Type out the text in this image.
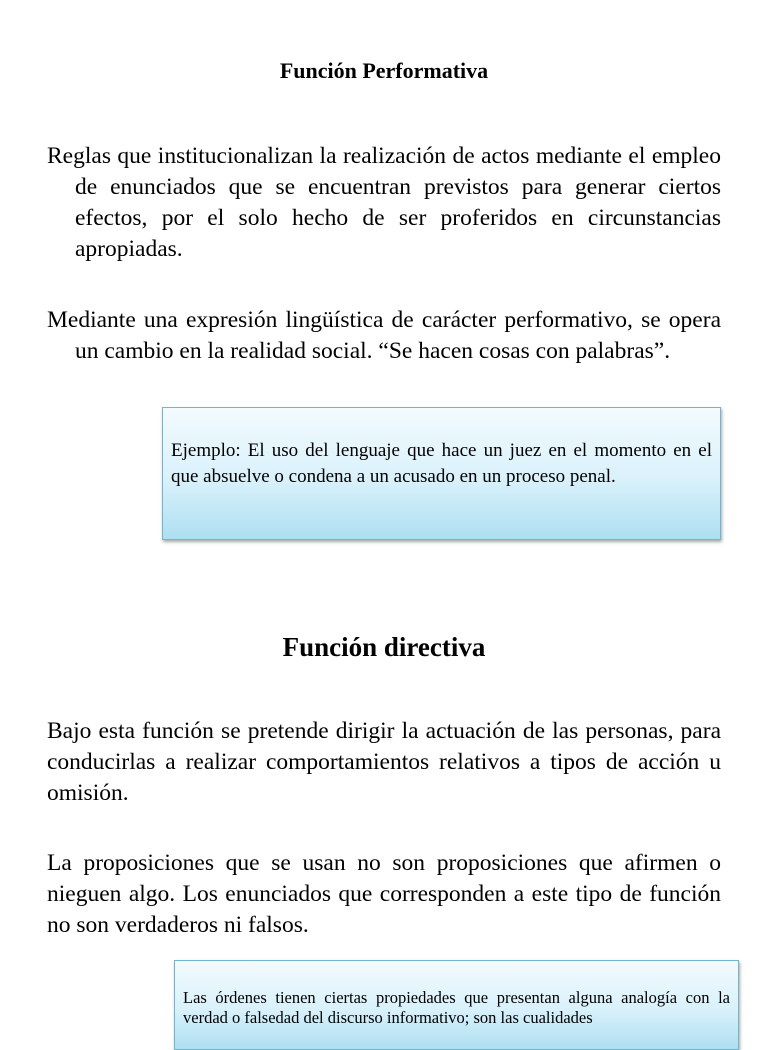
Función Performativa

Reglas que institucionalizan la realización de actos mediante el empleo de enunciados que se encuentran previstos para generar ciertos efectos, por el solo hecho de ser proferidos en circunstancias apropiadas.

Mediante una expresión lingüística de carácter performativo, se opera un cambio en la realidad social. “Se hacen cosas con palabras”.

Ejemplo: El uso del lenguaje que hace un juez en el momento en el que absuelve o condena a un acusado en un proceso penal.

Función directiva

Bajo esta función se pretende dirigir la actuación de las personas, para conducirlas a realizar comportamientos relativos a tipos de acción u omisión.

La proposiciones que se usan no son proposiciones que afirmen o nieguen algo. Los enunciados que corresponden a este tipo de función no son verdaderos ni falsos.

Las órdenes tienen ciertas propiedades que presentan alguna analogía con la verdad o falsedad del discurso informativo; son las cualidades
